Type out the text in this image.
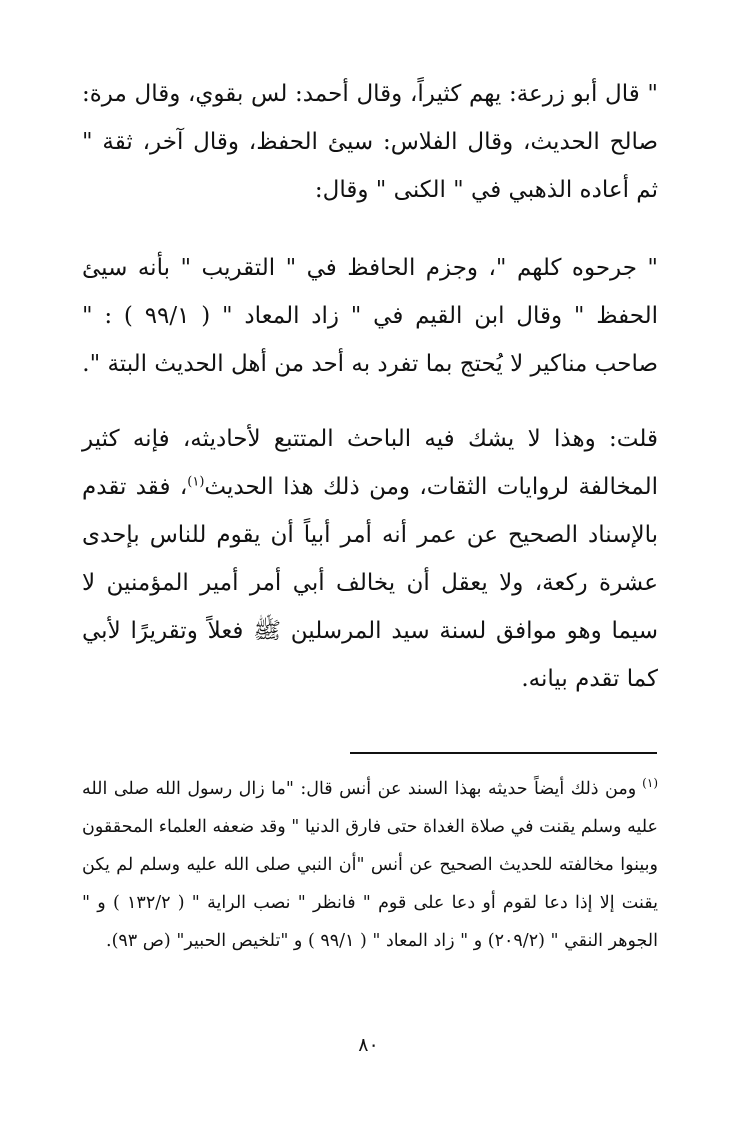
" قال أبو زرعة: يهم كثيراً، وقال أحمد: لس بقوي، وقال مرة: صالح الحديث، وقال الفلاس: سيئ الحفظ، وقال آخر، ثقة " ثم أعاده الذهبي في " الكنى " وقال:

" جرحوه كلهم "، وجزم الحافظ في " التقريب " بأنه سيئ الحفظ " وقال ابن القيم في " زاد المعاد " ( ٩٩/١ ) : " صاحب مناكير لا يُحتج بما تفرد به أحد من أهل الحديث البتة ".

قلت: وهذا لا يشك فيه الباحث المتتبع لأحاديثه، فإنه كثير المخالفة لروايات الثقات، ومن ذلك هذا الحديث$^{(١)}$، فقد تقدم بالإسناد الصحيح عن عمر أنه أمر أبياً أن يقوم للناس بإحدى عشرة ركعة، ولا يعقل أن يخالف أبي أمر أمير المؤمنين لا سيما وهو موافق لسنة سيد المرسلين ﷺ فعلاً وتقريرًا لأبي كما تقدم بيانه.

$^{(١)}$ومن ذلك أيضاً حديثه بهذا السند عن أنس قال: "ما زال رسول الله صلى الله عليه وسلم يقنت في صلاة الغداة حتى فارق الدنيا " وقد ضعفه العلماء المحققون وبينوا مخالفته للحديث الصحيح عن أنس "أن النبي صلى الله عليه وسلم لم يكن يقنت إلا إذا دعا لقوم أو دعا على قوم " فانظر " نصب الراية " ( ١٣٢/٢ ) و " الجوهر النقي " (٢٠٩/٢) و " زاد المعاد " ( ٩٩/١ ) و "تلخيص الحبير" (ص ٩٣).

٨٠
